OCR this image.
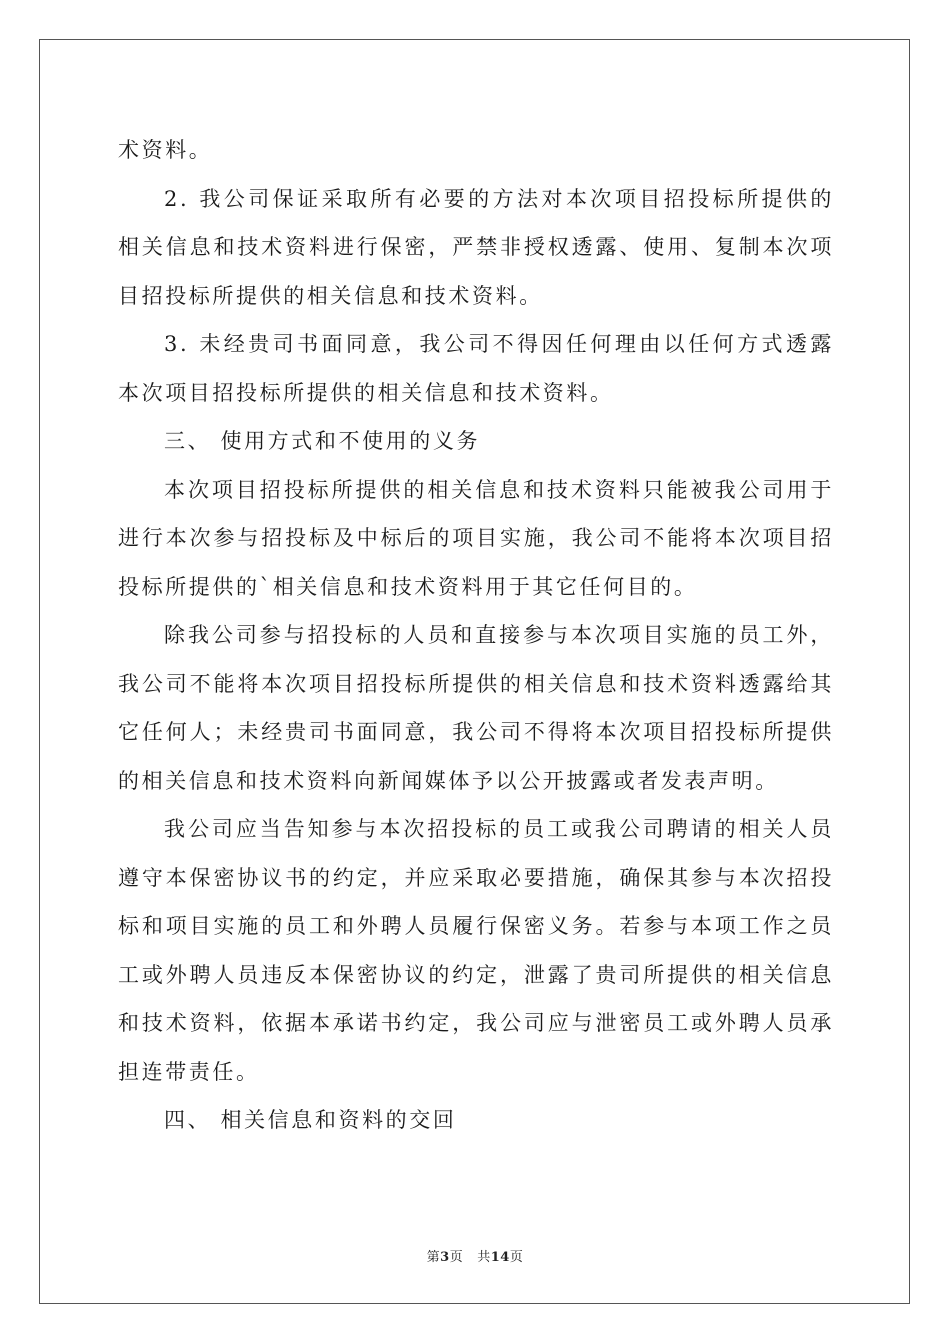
术资料。

2. 我公司保证采取所有必要的方法对本次项目招投标所提供的相关信息和技术资料进行保密，严禁非授权透露、使用、复制本次项目招投标所提供的相关信息和技术资料。

3. 未经贵司书面同意，我公司不得因任何理由以任何方式透露本次项目招投标所提供的相关信息和技术资料。

三、 使用方式和不使用的义务

本次项目招投标所提供的相关信息和技术资料只能被我公司用于进行本次参与招投标及中标后的项目实施，我公司不能将本次项目招投标所提供的`相关信息和技术资料用于其它任何目的。

除我公司参与招投标的人员和直接参与本次项目实施的员工外，我公司不能将本次项目招投标所提供的相关信息和技术资料透露给其它任何人；未经贵司书面同意，我公司不得将本次项目招投标所提供的相关信息和技术资料向新闻媒体予以公开披露或者发表声明。

我公司应当告知参与本次招投标的员工或我公司聘请的相关人员遵守本保密协议书的约定，并应采取必要措施，确保其参与本次招投标和项目实施的员工和外聘人员履行保密义务。若参与本项工作之员工或外聘人员违反本保密协议的约定，泄露了贵司所提供的相关信息和技术资料，依据本承诺书约定，我公司应与泄密员工或外聘人员承担连带责任。

四、 相关信息和资料的交回

第3页 共14页
